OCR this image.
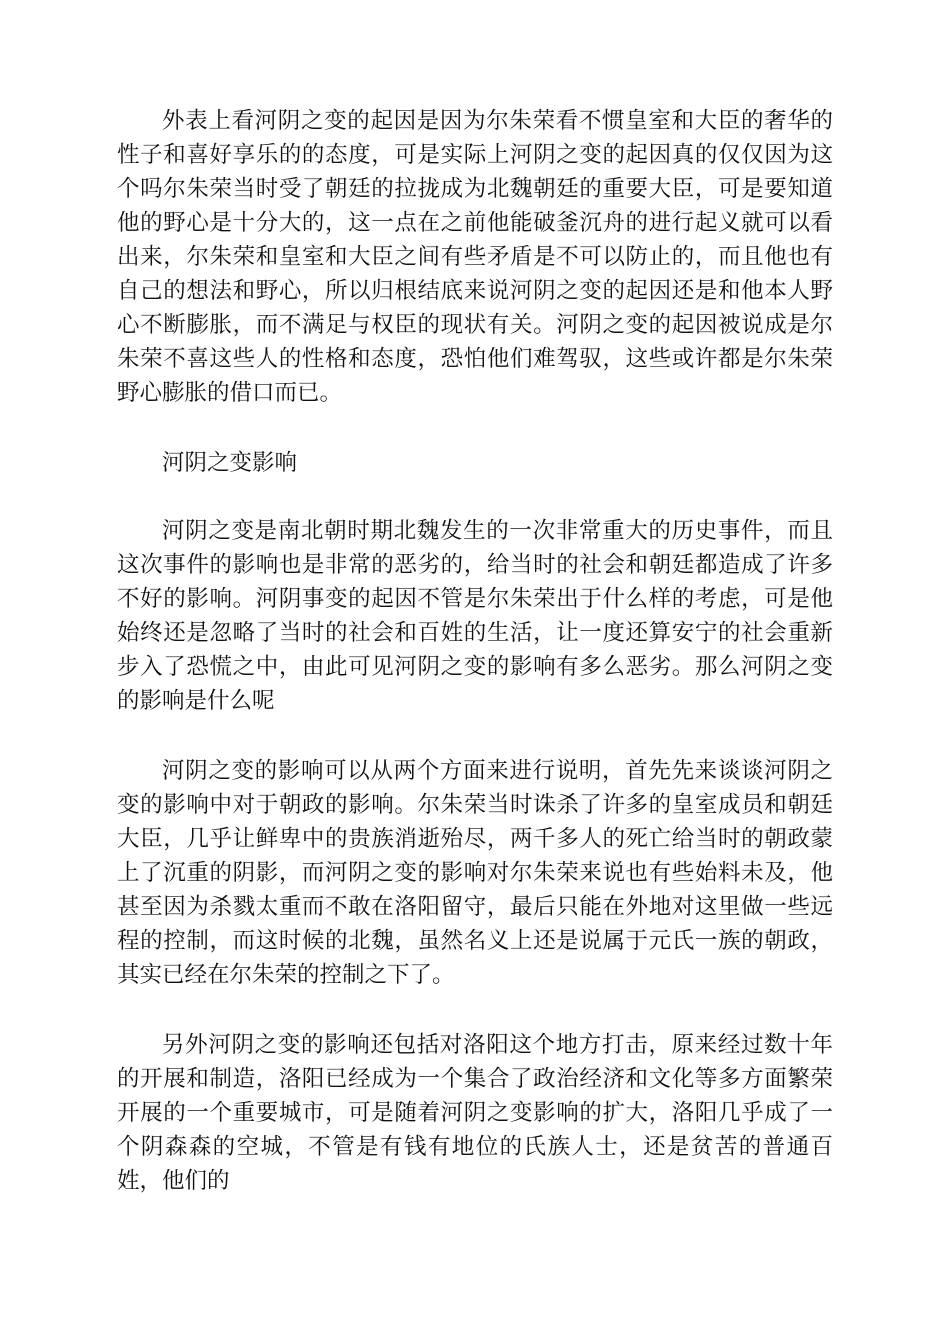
外表上看河阴之变的起因是因为尔朱荣看不惯皇室和大臣的奢华的性子和喜好享乐的的态度，可是实际上河阴之变的起因真的仅仅因为这个吗尔朱荣当时受了朝廷的拉拢成为北魏朝廷的重要大臣，可是要知道他的野心是十分大的，这一点在之前他能破釜沉舟的进行起义就可以看出来，尔朱荣和皇室和大臣之间有些矛盾是不可以防止的，而且他也有自己的想法和野心，所以归根结底来说河阴之变的起因还是和他本人野心不断膨胀，而不满足与权臣的现状有关。河阴之变的起因被说成是尔朱荣不喜这些人的性格和态度，恐怕他们难驾驭，这些或许都是尔朱荣野心膨胀的借口而已。

河阴之变影响

河阴之变是南北朝时期北魏发生的一次非常重大的历史事件，而且这次事件的影响也是非常的恶劣的，给当时的社会和朝廷都造成了许多不好的影响。河阴事变的起因不管是尔朱荣出于什么样的考虑，可是他始终还是忽略了当时的社会和百姓的生活，让一度还算安宁的社会重新步入了恐慌之中，由此可见河阴之变的影响有多么恶劣。那么河阴之变的影响是什么呢

河阴之变的影响可以从两个方面来进行说明，首先先来谈谈河阴之变的影响中对于朝政的影响。尔朱荣当时诛杀了许多的皇室成员和朝廷大臣，几乎让鲜卑中的贵族消逝殆尽，两千多人的死亡给当时的朝政蒙上了沉重的阴影，而河阴之变的影响对尔朱荣来说也有些始料未及，他甚至因为杀戮太重而不敢在洛阳留守，最后只能在外地对这里做一些远程的控制，而这时候的北魏，虽然名义上还是说属于元氏一族的朝政，其实已经在尔朱荣的控制之下了。

另外河阴之变的影响还包括对洛阳这个地方打击，原来经过数十年的开展和制造，洛阳已经成为一个集合了政治经济和文化等多方面繁荣开展的一个重要城市，可是随着河阴之变影响的扩大，洛阳几乎成了一个阴森森的空城，不管是有钱有地位的氏族人士，还是贫苦的普通百姓，他们的
